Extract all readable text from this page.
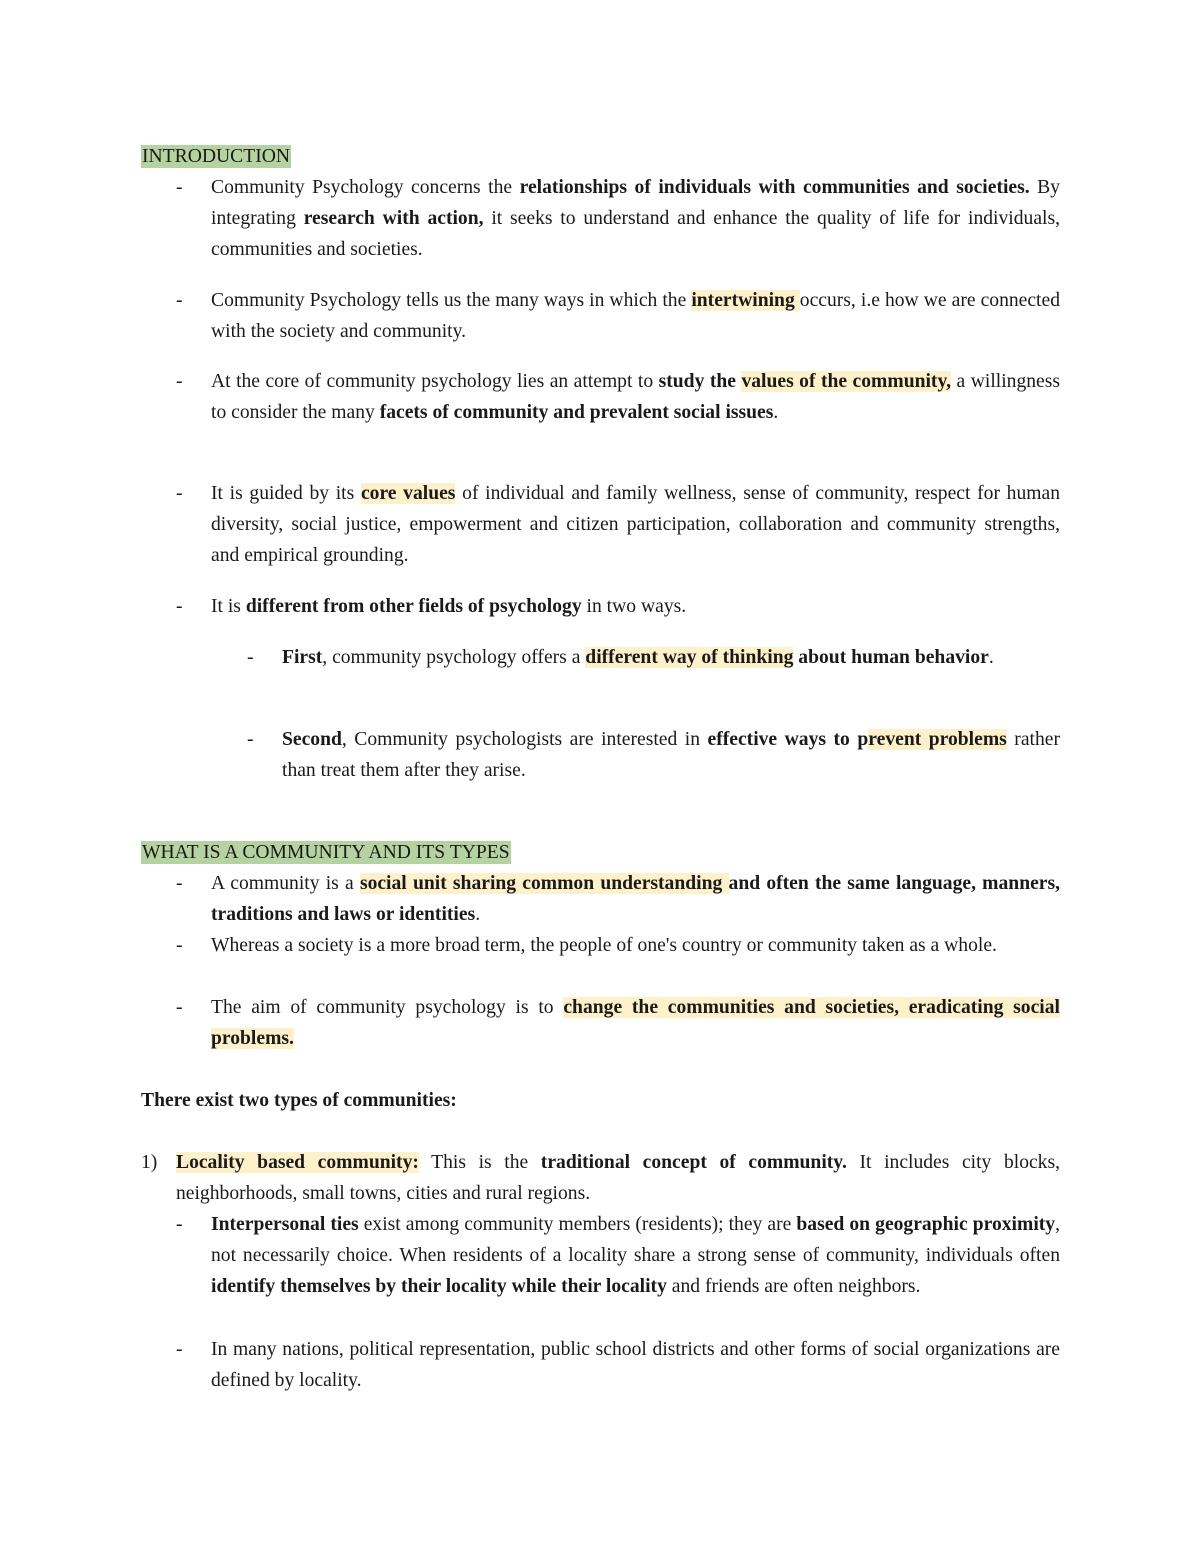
INTRODUCTION
-	Community Psychology concerns the relationships of individuals with communities and societies. By integrating research with action, it seeks to understand and enhance the quality of life for individuals, communities and societies.
-	Community Psychology tells us the many ways in which the intertwining occurs, i.e how we are connected with the society and community.
-	At the core of community psychology lies an attempt to study the values of the community, a willingness to consider the many facets of community and prevalent social issues.
-	It is guided by its core values of individual and family wellness, sense of community, respect for human diversity, social justice, empowerment and citizen participation, collaboration and community strengths, and empirical grounding.
-	It is different from other fields of psychology in two ways.
-	First, community psychology offers a different way of thinking about human behavior.
-	Second, Community psychologists are interested in effective ways to prevent problems rather than treat them after they arise.
WHAT IS A COMMUNITY AND ITS TYPES
-	A community is a social unit sharing common understanding and often the same language, manners, traditions and laws or identities.
-	Whereas a society is a more broad term, the people of one's country or community taken as a whole.
-	The aim of community psychology is to change the communities and societies, eradicating social problems.
There exist two types of communities:
1) Locality based community: This is the traditional concept of community. It includes city blocks, neighborhoods, small towns, cities and rural regions.
-	Interpersonal ties exist among community members (residents); they are based on geographic proximity, not necessarily choice. When residents of a locality share a strong sense of community, individuals often identify themselves by their locality while their locality and friends are often neighbors.
-	In many nations, political representation, public school districts and other forms of social organizations are defined by locality.
